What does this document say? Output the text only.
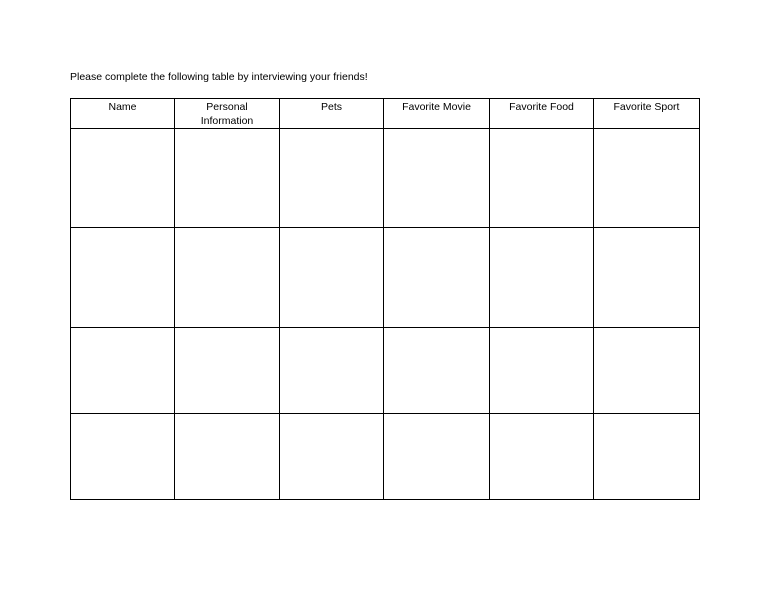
Please complete the following table by interviewing your friends!
Name	Personal Information	Pets	Favorite Movie	Favorite Food	Favorite Sport
